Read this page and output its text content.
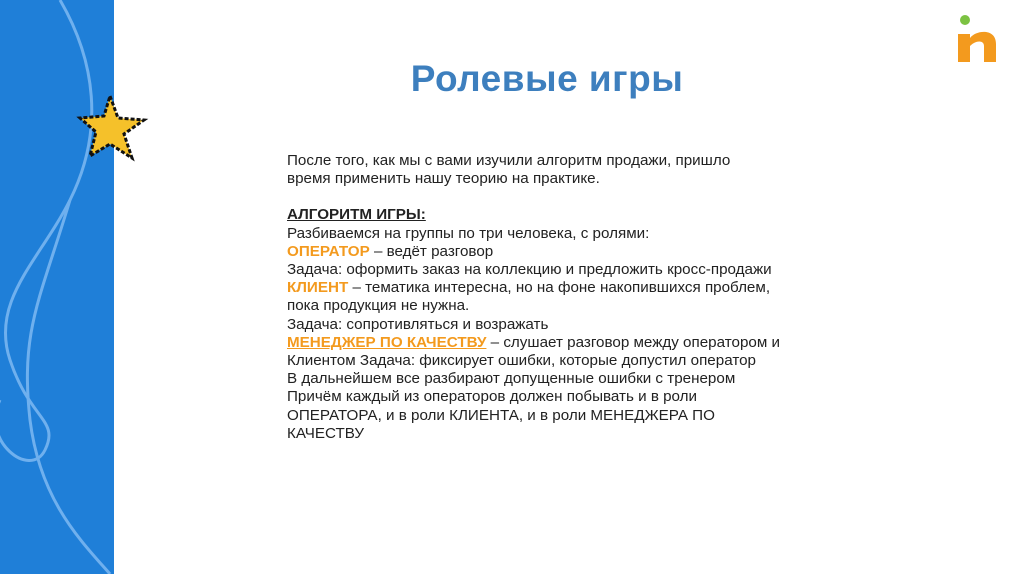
Ролевые игры

После того, как мы с вами изучили алгоритм продажи, пришло

время применить нашу теорию на практике.

АЛГОРИТМ ИГРЫ:

Разбиваемся на группы по три человека, с ролями:

ОПЕРАТОР – ведёт разговор

Задача: оформить заказ на коллекцию и предложить кросс-продажи

КЛИЕНТ – тематика интересна, но на фоне накопившихся проблем,

пока продукция не нужна.

Задача: сопротивляться и возражать

МЕНЕДЖЕР ПО КАЧЕСТВУ – слушает разговор между оператором и

Клиентом Задача: фиксирует ошибки, которые допустил оператор

В дальнейшем все разбирают допущенные ошибки с тренером

Причём каждый из операторов должен побывать и в роли

ОПЕРАТОРА, и в роли КЛИЕНТА, и в роли МЕНЕДЖЕРА ПО

КАЧЕСТВУ
